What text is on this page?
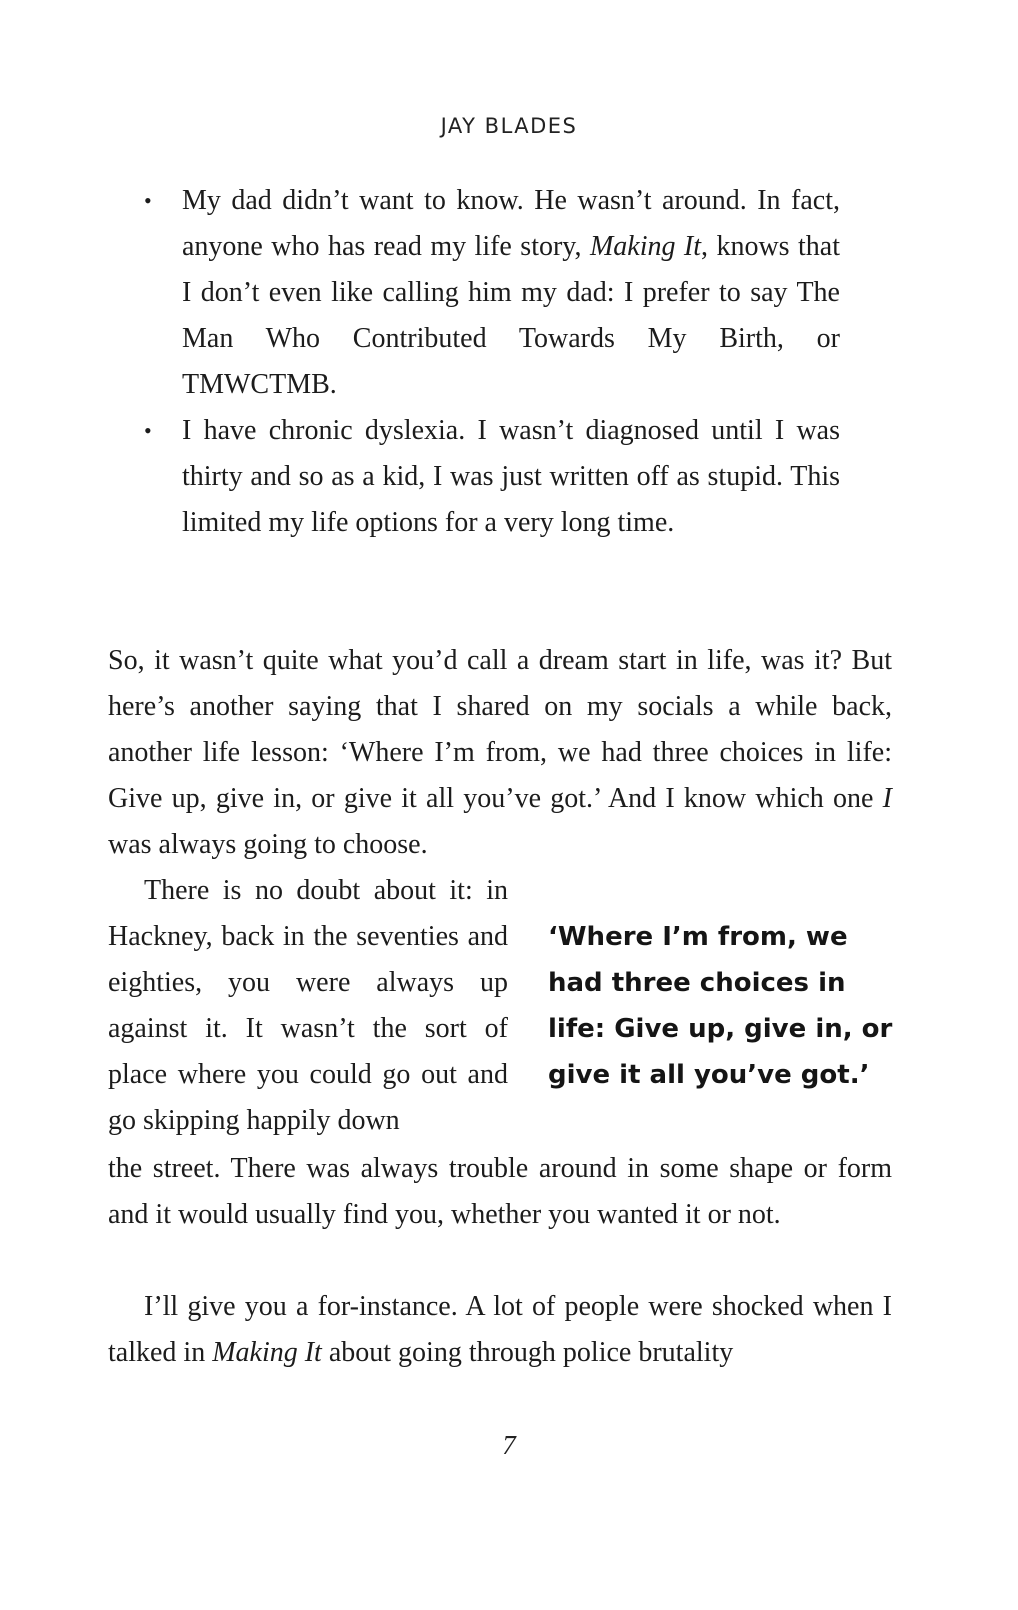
JAY BLADES
• My dad didn’t want to know. He wasn’t around. In fact, anyone who has read my life story, Making It, knows that I don’t even like calling him my dad: I prefer to say The Man Who Contributed Towards My Birth, or TMWCTMB.
• I have chronic dyslexia. I wasn’t diagnosed until I was thirty and so as a kid, I was just written off as stupid. This limited my life options for a very long time.

So, it wasn’t quite what you’d call a dream start in life, was it? But here’s another saying that I shared on my socials a while back, another life lesson: ‘Where I’m from, we had three choices in life: Give up, give in, or give it all you’ve got.’ And I know which one I was always going to choose.

There is no doubt about it: in Hackney, back in the seventies and eighties, you were always up against it. It wasn’t the sort of place where you could go out and go skipping happily down

‘Where I’m from, we had three choices in life: Give up, give in, or give it all you’ve got.’

the street. There was always trouble around in some shape or form and it would usually find you, whether you wanted it or not.

I’ll give you a for-instance. A lot of people were shocked when I talked in Making It about going through police brutality

7
